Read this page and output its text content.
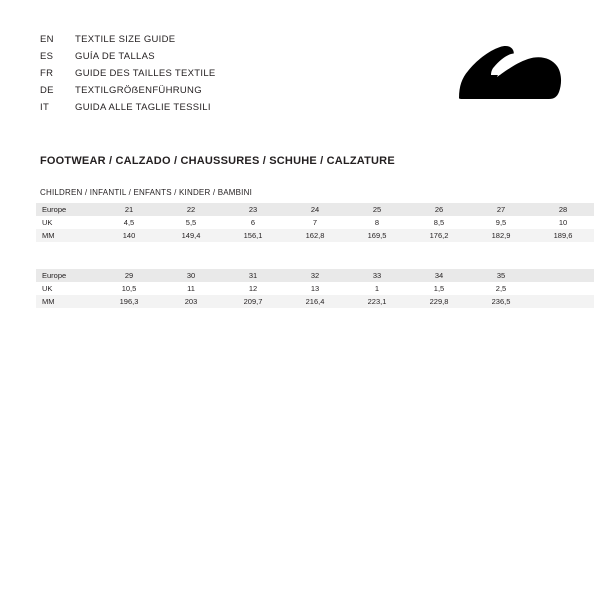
EN	TEXTILE SIZE GUIDE
ES	GUÍA DE TALLAS
FR	GUIDE DES TAILLES TEXTILE
DE	TEXTILGRÖẞENFÜHRUNG
IT	GUIDA ALLE TAGLIE TESSILI
FOOTWEAR / CALZADO / CHAUSSURES / SCHUHE / CALZATURE
CHILDREN / INFANTIL / ENFANTS / KINDER / BAMBINI
Europe	21	22	23	24	25	26	27	28
UK	4,5	5,5	6	7	8	8,5	9,5	10
MM	140	149,4	156,1	162,8	169,5	176,2	182,9	189,6
Europe	29	30	31	32	33	34	35	
UK	10,5	11	12	13	1	1,5	2,5	
MM	196,3	203	209,7	216,4	223,1	229,8	236,5	
